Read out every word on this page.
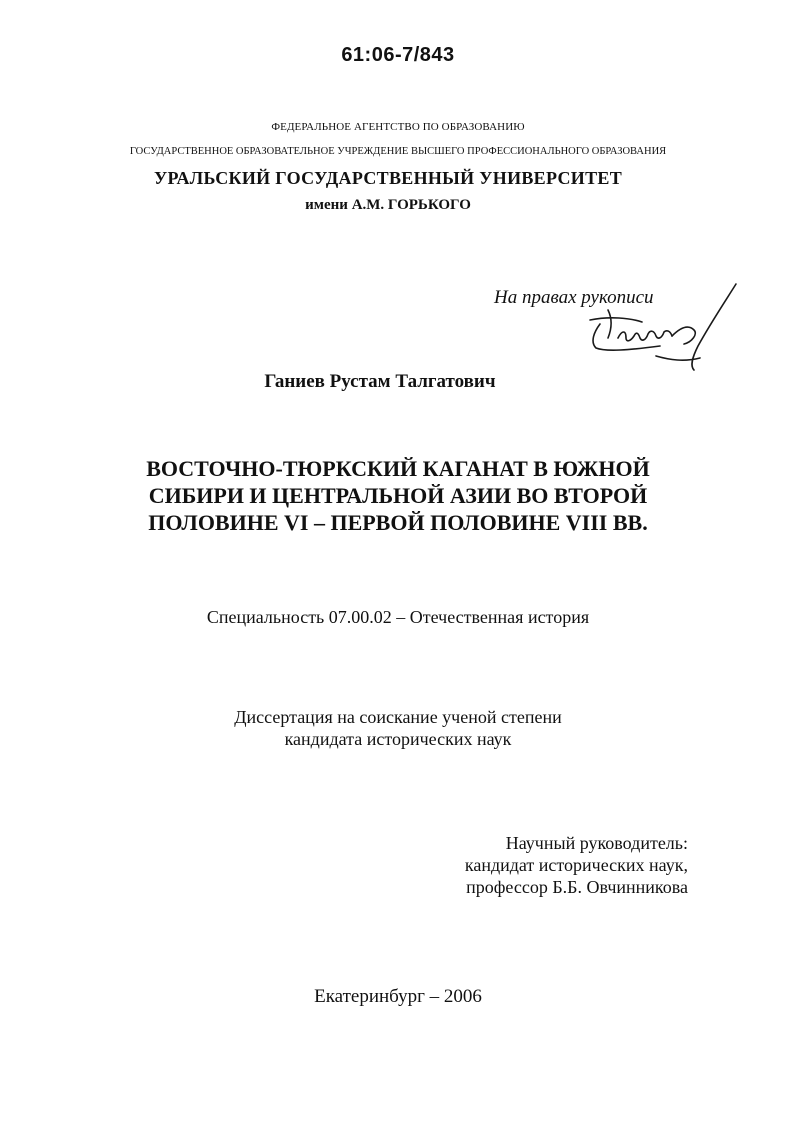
61:06-7/843
ФЕДЕРАЛЬНОЕ АГЕНТСТВО ПО ОБРАЗОВАНИЮ
ГОСУДАРСТВЕННОЕ ОБРАЗОВАТЕЛЬНОЕ УЧРЕЖДЕНИЕ ВЫСШЕГО ПРОФЕССИОНАЛЬНОГО ОБРАЗОВАНИЯ
УРАЛЬСКИЙ ГОСУДАРСТВЕННЫЙ УНИВЕРСИТЕТ
имени А.М. ГОРЬКОГО
На правах рукописи
Ганиев Рустам Талгатович
ВОСТОЧНО-ТЮРКСКИЙ КАГАНАТ В ЮЖНОЙ
СИБИРИ И ЦЕНТРАЛЬНОЙ АЗИИ ВО ВТОРОЙ
ПОЛОВИНЕ VI – ПЕРВОЙ ПОЛОВИНЕ VIII ВВ.
Специальность 07.00.02 – Отечественная история
Диссертация на соискание ученой степени
кандидата исторических наук
Научный руководитель:
кандидат исторических наук,
профессор Б.Б. Овчинникова
Екатеринбург – 2006
